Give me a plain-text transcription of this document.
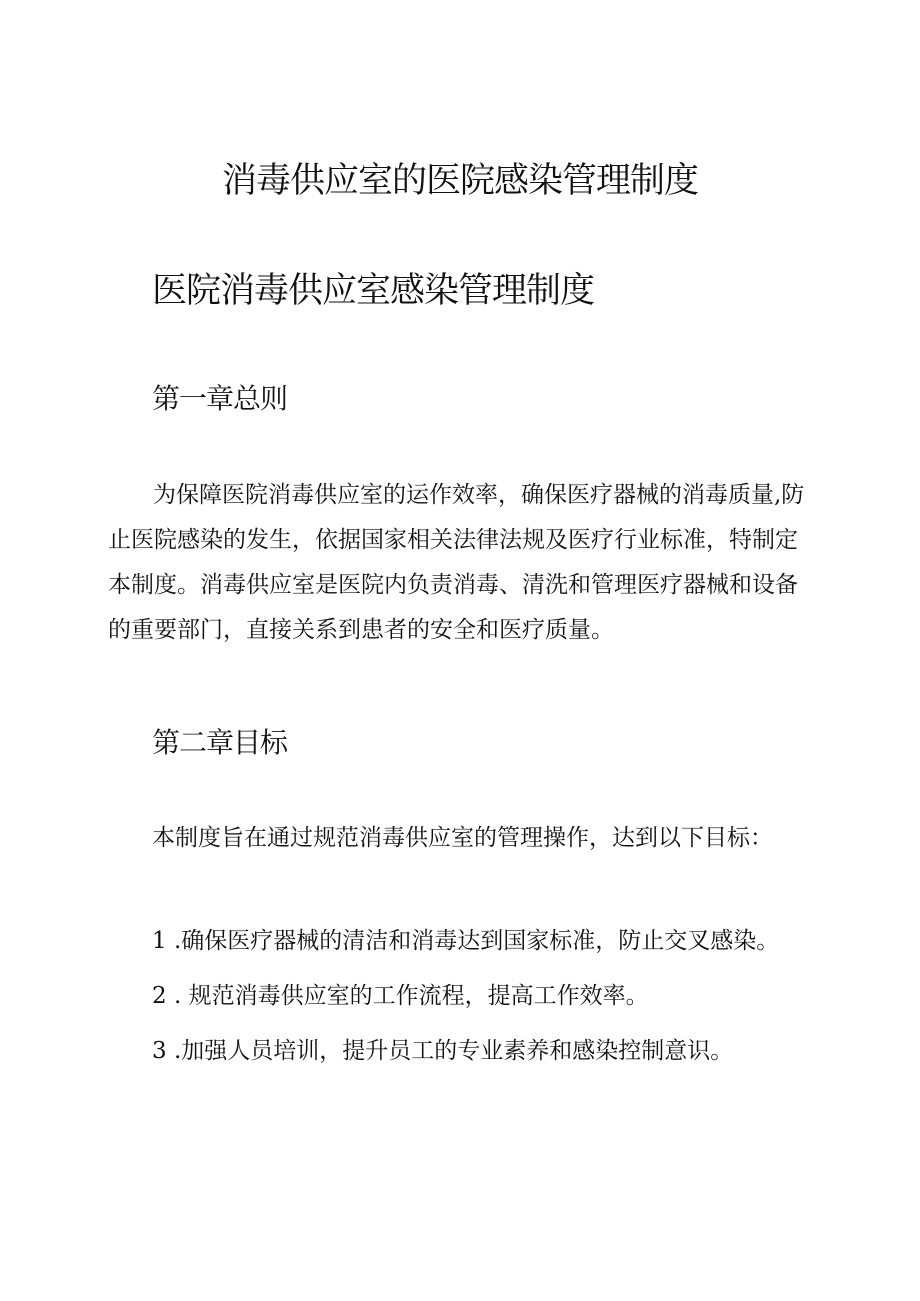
消毒供应室的医院感染管理制度
医院消毒供应室感染管理制度
第一章总则

为保障医院消毒供应室的运作效率，确保医疗器械的消毒质量,防止医院感染的发生，依据国家相关法律法规及医疗行业标准，特制定本制度。消毒供应室是医院内负责消毒、清洗和管理医疗器械和设备的重要部门，直接关系到患者的安全和医疗质量。

第二章目标

本制度旨在通过规范消毒供应室的管理操作，达到以下目标：

1 .确保医疗器械的清洁和消毒达到国家标准，防止交叉感染。

2 . 规范消毒供应室的工作流程，提高工作效率。

3 .加强人员培训，提升员工的专业素养和感染控制意识。
